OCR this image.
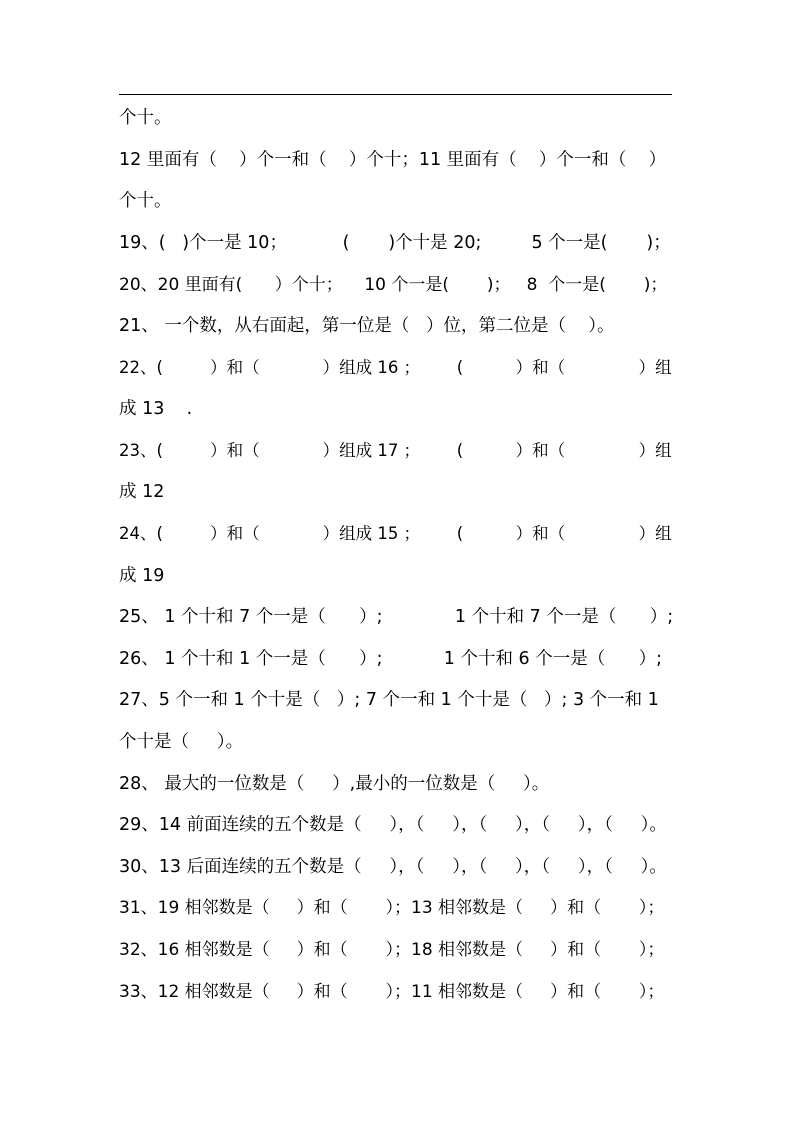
个十。
12 里面有（    ）个一和（    ）个十；11 里面有（    ）个一和（    ）
个十。
19、(   )个一是 10；          (       )个十是 20;         5 个一是(       )；
20、20 里面有(      ）个十；    10 个一是(       )；   8  个一是(       )；
21、 一个数，从右面起，第一位是（   ）位，第二位是（    ）。
22、(         ）和（            ）组成 16 ；       (          ）和（              ）组
成 13    .
23、(         ）和（            ）组成 17 ；       (          ）和（              ）组
成 12
24、(         ）和（            ）组成 15 ；       (          ）和（              ）组
成 19
25、 1 个十和 7 个一是（      ）;             1 个十和 7 个一是（      ）;
26、 1 个十和 1 个一是（      ）;           1 个十和 6 个一是（      ）;
27、5 个一和 1 个十是（   ）; 7 个一和 1 个十是（   ）; 3 个一和 1
个十是（     ）。
28、 最大的一位数是（     ）,最小的一位数是（     ）。
29、14 前面连续的五个数是（     ），（     ），（     ），（     ），（     ）。
30、13 后面连续的五个数是（     ），（     ），（     ），（     ），（     ）。
31、19 相邻数是（     ）和（       ）；13 相邻数是（     ）和（       ）；
32、16 相邻数是（     ）和（       ）；18 相邻数是（     ）和（       ）；
33、12 相邻数是（     ）和（       ）；11 相邻数是（     ）和（       ）；
